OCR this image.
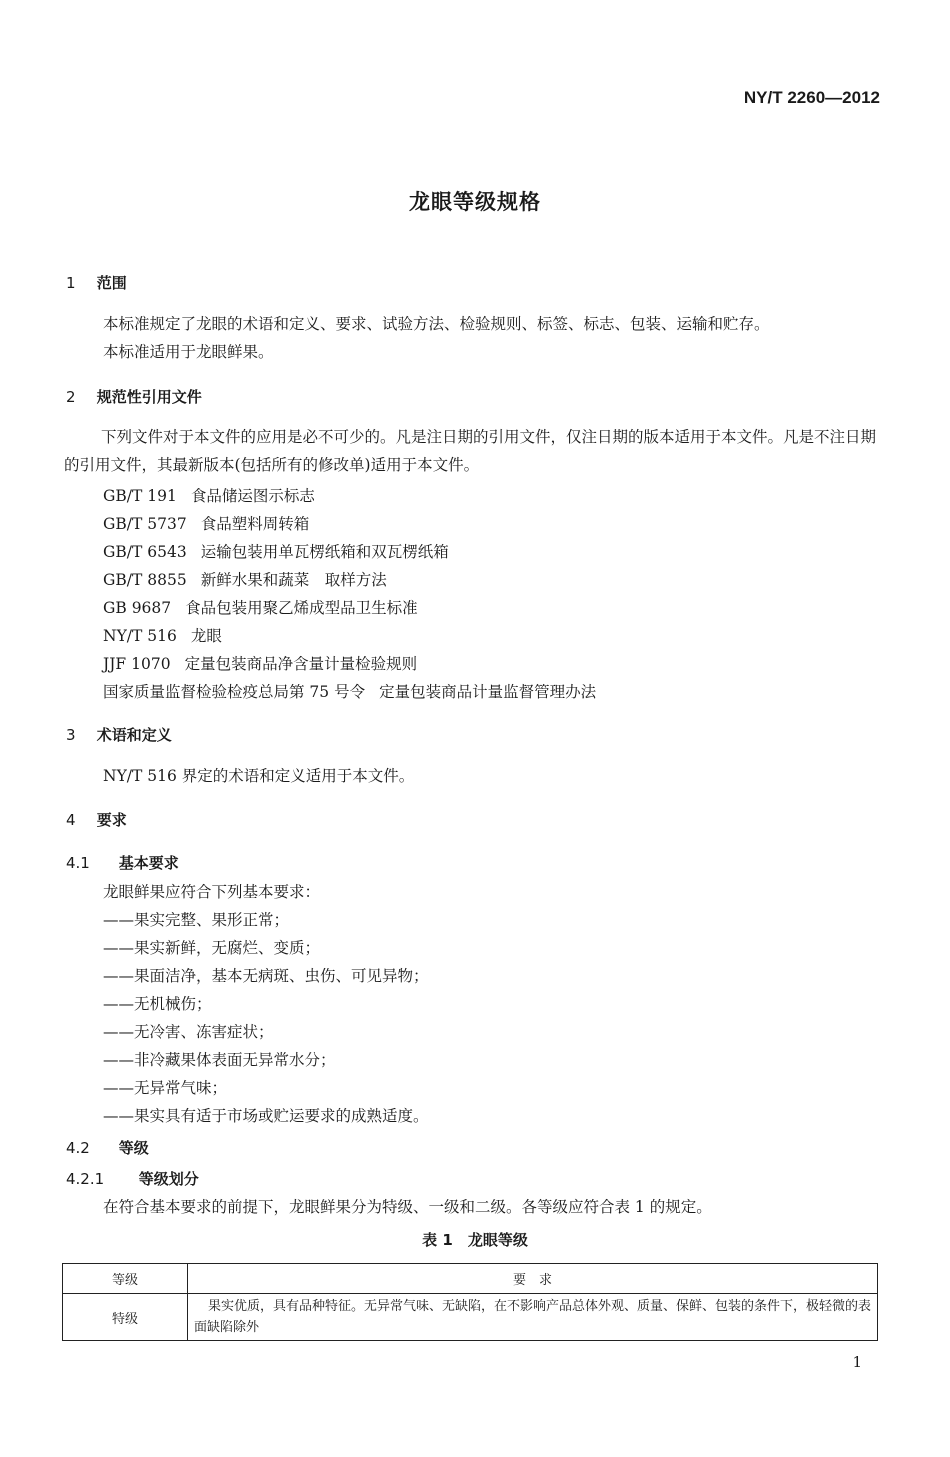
NY/T 2260—2012
龙眼等级规格
1 范围
本标准规定了龙眼的术语和定义、要求、试验方法、检验规则、标签、标志、包装、运输和贮存。
本标准适用于龙眼鲜果。
2 规范性引用文件
下列文件对于本文件的应用是必不可少的。凡是注日期的引用文件，仅注日期的版本适用于本文件。凡是不注日期的引用文件，其最新版本(包括所有的修改单)适用于本文件。
GB/T 191 食品储运图示标志
GB/T 5737 食品塑料周转箱
GB/T 6543 运输包装用单瓦楞纸箱和双瓦楞纸箱
GB/T 8855 新鲜水果和蔬菜　取样方法
GB 9687 食品包装用聚乙烯成型品卫生标准
NY/T 516 龙眼
JJF 1070 定量包装商品净含量计量检验规则
国家质量监督检验检疫总局第 75 号令 定量包装商品计量监督管理办法
3 术语和定义
NY/T 516 界定的术语和定义适用于本文件。
4 要求
4.1 基本要求
龙眼鲜果应符合下列基本要求：
——果实完整、果形正常；
——果实新鲜，无腐烂、变质；
——果面洁净，基本无病斑、虫伤、可见异物；
——无机械伤；
——无冷害、冻害症状；
——非冷藏果体表面无异常水分；
——无异常气味；
——果实具有适于市场或贮运要求的成熟适度。
4.2 等级
4.2.1 等级划分
在符合基本要求的前提下，龙眼鲜果分为特级、一级和二级。各等级应符合表 1 的规定。
表 1　龙眼等级
等级	要　求
特级	果实优质，具有品种特征。无异常气味、无缺陷，在不影响产品总体外观、质量、保鲜、包装的条件下，极轻微的表面缺陷除外
1
